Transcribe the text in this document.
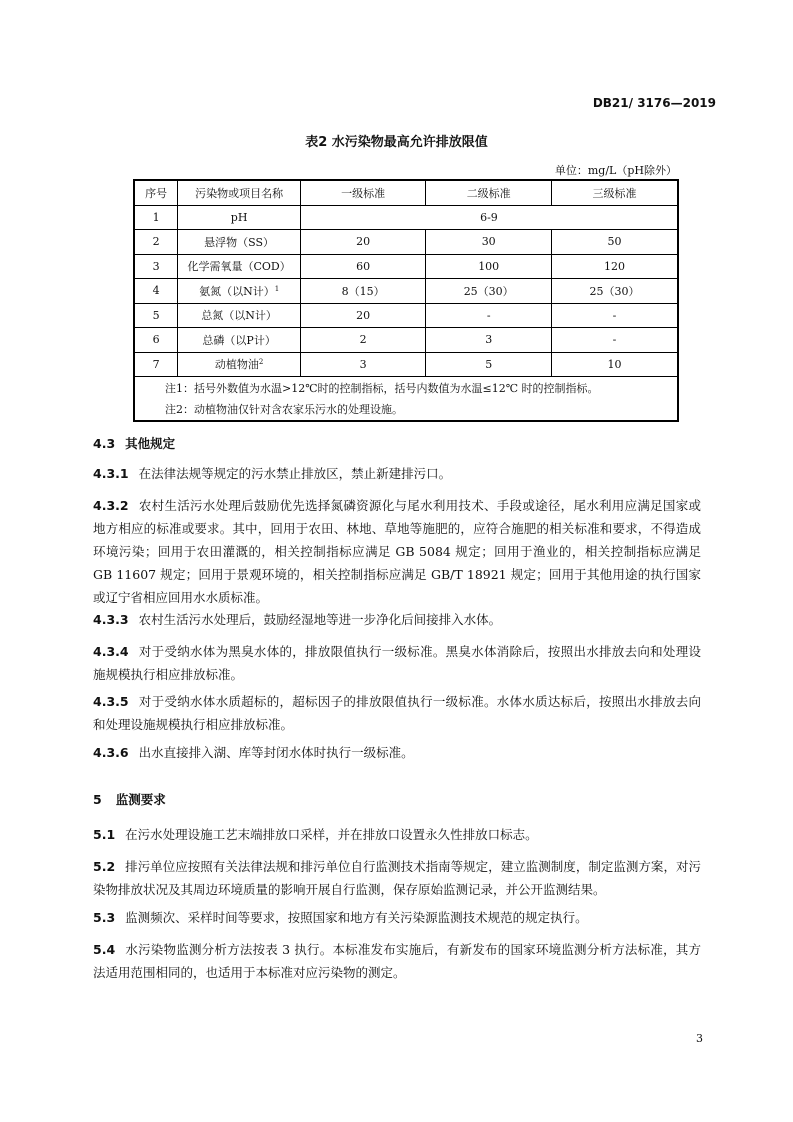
DB21/ 3176—2019
表2 水污染物最高允许排放限值
单位：mg/L（pH除外）
序号	污染物或项目名称	一级标准	二级标准	三级标准
1	pH	6-9		
2	悬浮物（SS）	20	30	50
3	化学需氧量（COD）	60	100	120
4	氨氮（以N计）$^1$	8（15）	25（30）	25（30）
5	总氮（以N计）	20	-	-
6	总磷（以P计）	2	3	-
7	动植物油$^2$	3	5	10
注1：括号外数值为水温>12℃时的控制指标，括号内数值为水温≤12℃ 时的控制指标。				
注2：动植物油仅针对含农家乐污水的处理设施。				
4.3 其他规定
4.3.1 在法律法规等规定的污水禁止排放区，禁止新建排污口。
4.3.2 农村生活污水处理后鼓励优先选择氮磷资源化与尾水利用技术、手段或途径，尾水利用应满足国家或地方相应的标准或要求。其中，回用于农田、林地、草地等施肥的，应符合施肥的相关标准和要求，不得造成环境污染；回用于农田灌溉的，相关控制指标应满足 GB 5084 规定；回用于渔业的，相关控制指标应满足 GB 11607 规定；回用于景观环境的，相关控制指标应满足 GB/T 18921 规定；回用于其他用途的执行国家或辽宁省相应回用水水质标准。
4.3.3 农村生活污水处理后，鼓励经湿地等进一步净化后间接排入水体。
4.3.4 对于受纳水体为黑臭水体的，排放限值执行一级标准。黑臭水体消除后，按照出水排放去向和处理设施规模执行相应排放标准。
4.3.5 对于受纳水体水质超标的，超标因子的排放限值执行一级标准。水体水质达标后，按照出水排放去向和处理设施规模执行相应排放标准。
4.3.6 出水直接排入湖、库等封闭水体时执行一级标准。
5 监测要求
5.1 在污水处理设施工艺末端排放口采样，并在排放口设置永久性排放口标志。
5.2 排污单位应按照有关法律法规和排污单位自行监测技术指南等规定，建立监测制度，制定监测方案，对污染物排放状况及其周边环境质量的影响开展自行监测，保存原始监测记录，并公开监测结果。
5.3 监测频次、采样时间等要求，按照国家和地方有关污染源监测技术规范的规定执行。
5.4 水污染物监测分析方法按表 3 执行。本标准发布实施后，有新发布的国家环境监测分析方法标准，其方法适用范围相同的，也适用于本标准对应污染物的测定。
3
